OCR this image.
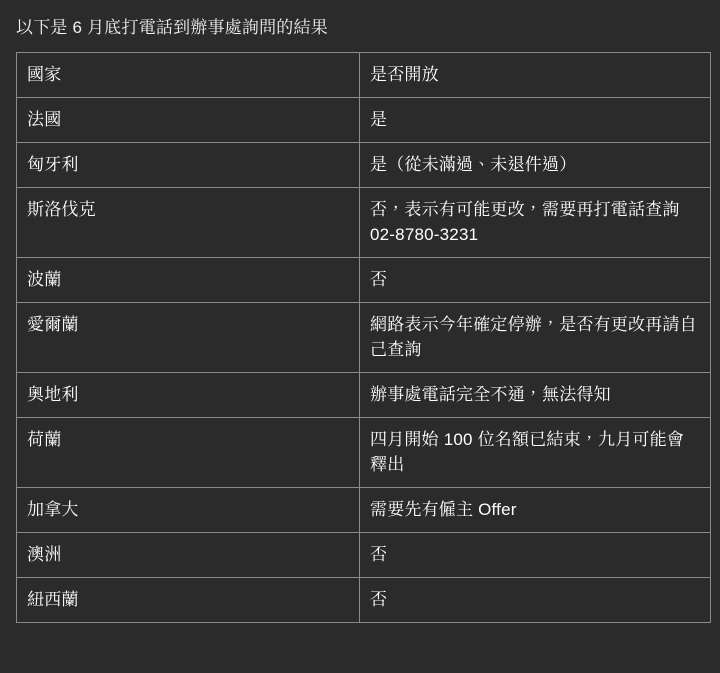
以下是 6 月底打電話到辦事處詢問的結果

國家	是否開放

法國	是

匈牙利	是（從未滿過、未退件過）

斯洛伐克	否，表示有可能更改，需要再打電話查詢 02-8780-3231

波蘭	否

愛爾蘭	網路表示今年確定停辦，是否有更改再請自己查詢

奧地利	辦事處電話完全不通，無法得知

荷蘭	四月開始 100 位名額已結束，九月可能會釋出

加拿大	需要先有僱主 Offer

澳洲	否

紐西蘭	否
